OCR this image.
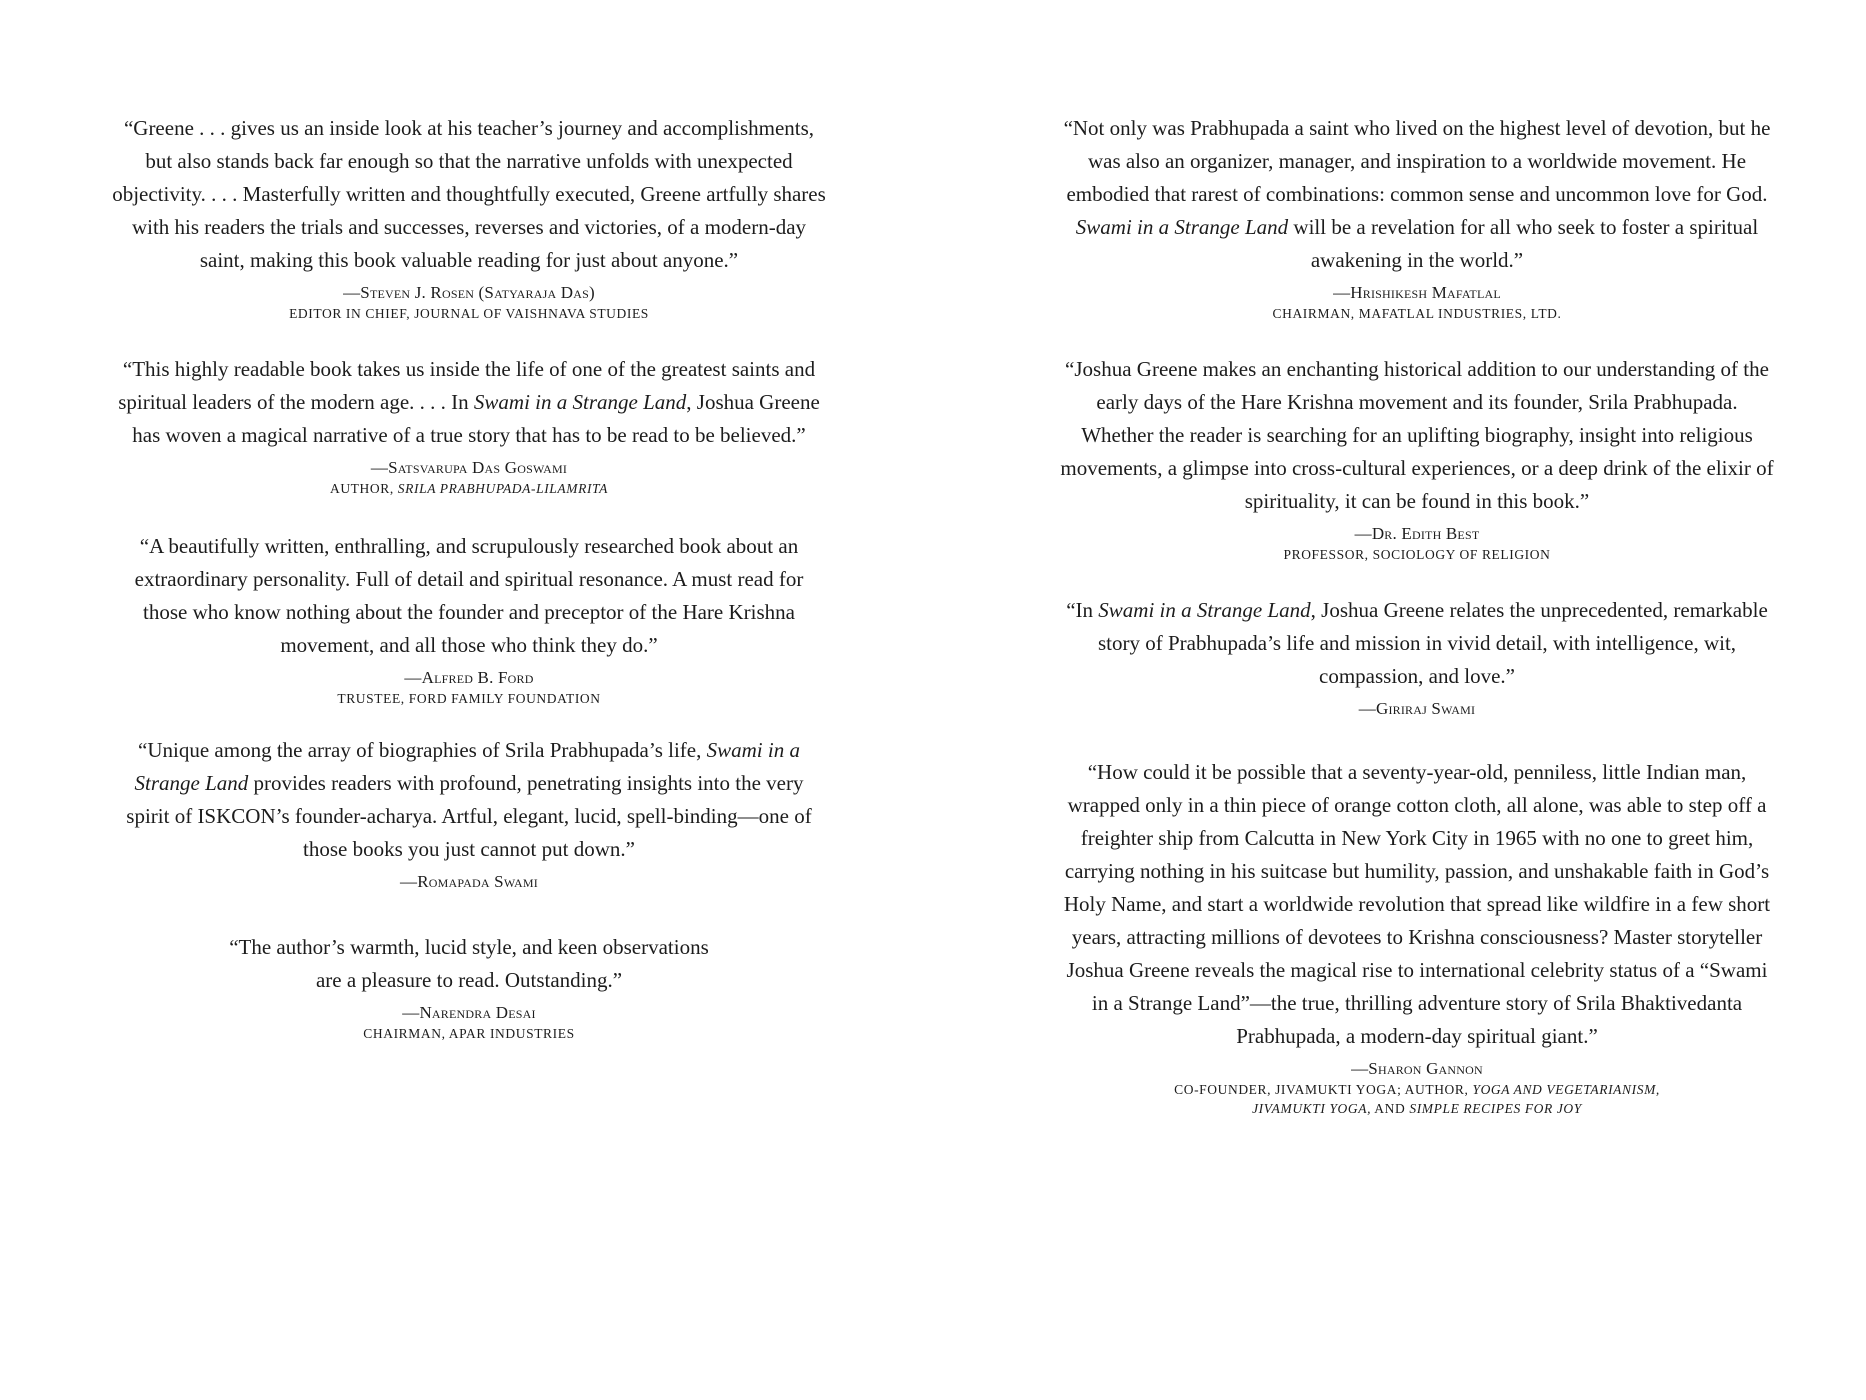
“Greene . . . gives us an inside look at his teacher’s journey and accomplishments, but also stands back far enough so that the narrative unfolds with unexpected objectivity. . . . Masterfully written and thoughtfully executed, Greene artfully shares with his readers the trials and successes, reverses and victories, of a modern-day saint, making this book valuable reading for just about anyone.”

—Steven J. Rosen (Satyaraja Das)
EDITOR IN CHIEF, JOURNAL OF VAISHNAVA STUDIES

“This highly readable book takes us inside the life of one of the greatest saints and spiritual leaders of the modern age. . . . In Swami in a Strange Land, Joshua Greene has woven a magical narrative of a true story that has to be read to be believed.”

—Satsvarupa Das Goswami
AUTHOR, SRILA PRABHUPADA-LILAMRITA

“A beautifully written, enthralling, and scrupulously researched book about an extraordinary personality. Full of detail and spiritual resonance. A must read for those who know nothing about the founder and preceptor of the Hare Krishna movement, and all those who think they do.”

—Alfred B. Ford
TRUSTEE, FORD FAMILY FOUNDATION

“Unique among the array of biographies of Srila Prabhupada’s life, Swami in a Strange Land provides readers with profound, penetrating insights into the very spirit of ISKCON’s founder-acharya. Artful, elegant, lucid, spell-binding—one of those books you just cannot put down.”

—Romapada Swami

“The author’s warmth, lucid style, and keen observations
are a pleasure to read. Outstanding.”

—Narendra Desai
CHAIRMAN, APAR INDUSTRIES

“Not only was Prabhupada a saint who lived on the highest level of devotion, but he was also an organizer, manager, and inspiration to a worldwide movement. He embodied that rarest of combinations: common sense and uncommon love for God. Swami in a Strange Land will be a revelation for all who seek to foster a spiritual awakening in the world.”

—Hrishikesh Mafatlal
CHAIRMAN, MAFATLAL INDUSTRIES, LTD.

“Joshua Greene makes an enchanting historical addition to our understanding of the early days of the Hare Krishna movement and its founder, Srila Prabhupada. Whether the reader is searching for an uplifting biography, insight into religious movements, a glimpse into cross-cultural experiences, or a deep drink of the elixir of spirituality, it can be found in this book.”

—Dr. Edith Best
PROFESSOR, SOCIOLOGY OF RELIGION

“In Swami in a Strange Land, Joshua Greene relates the unprecedented, remarkable story of Prabhupada’s life and mission in vivid detail, with intelligence, wit, compassion, and love.”

—Giriraj Swami

“How could it be possible that a seventy-year-old, penniless, little Indian man, wrapped only in a thin piece of orange cotton cloth, all alone, was able to step off a freighter ship from Calcutta in New York City in 1965 with no one to greet him, carrying nothing in his suitcase but humility, passion, and unshakable faith in God’s Holy Name, and start a worldwide revolution that spread like wildfire in a few short years, attracting millions of devotees to Krishna consciousness? Master storyteller Joshua Greene reveals the magical rise to international celebrity status of a “Swami in a Strange Land”—the true, thrilling adventure story of Srila Bhaktivedanta Prabhupada, a modern-day spiritual giant.”

—Sharon Gannon
CO-FOUNDER, JIVAMUKTI YOGA; AUTHOR, YOGA AND VEGETARIANISM,
JIVAMUKTI YOGA, AND SIMPLE RECIPES FOR JOY
